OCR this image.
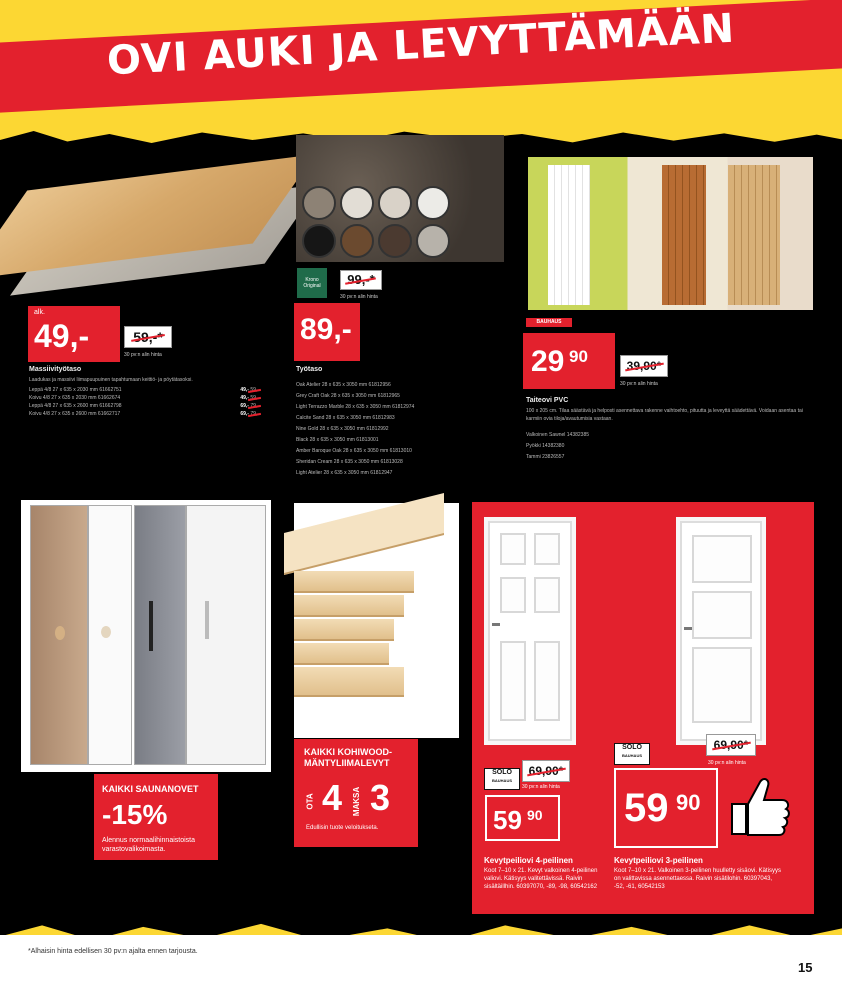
OVI AUKI JA LEVYTTÄMÄÄN
alk.
49,-	59,-*
30 pv:n alin hinta
Massiivityötaso
Laadukas ja massiivi liimapuupuinen tapahtumaan keittiö- ja pöytätasoksi.
Leppä 4/8 27 x 635 x 2030 mm 61662751	49,- 59,-
Koivu 4/8 27 x 635 x 2030 mm 61662674	49,- 59,-
Leppä 4/8 27 x 635 x 2600 mm 61662798	69,- 79,-
Koivu 4/8 27 x 635 x 2600 mm 61662717	69,- 79,-
Krono Original	99,-*
30 pv:n alin hinta
89,-
Työtaso
Oak Atelier 28 x 635 x 3050 mm 61812956
Grey Craft Oak 28 x 635 x 3050 mm 61812965
Light Terrazzo Marble 28 x 635 x 3050 mm 61812974
Calcite Sand 28 x 635 x 3050 mm 61812983
Nine Gold 28 x 635 x 3050 mm 61812992
Black 28 x 635 x 3050 mm 61813001
Amber Baroque Oak 28 x 635 x 3050 mm 61813010
Sheridan Cream 28 x 635 x 3050 mm 61813028
Light Atelier 28 x 635 x 3050 mm 61812947
BAUHAUS
29 90	39,90*
30 pv:n alin hinta
Taiteovi PVC
100 x 205 cm. Tilaa säästävä ja helposti asennettava rakenne vaihtoehto, pituutta ja leveyttä säädettävä. Voidaan asentaa tai karmiin ovia tiloja/avautumisia vastaan.
Valkoinen Sawnel 14382385
Pyökki 14382380
Tammi 23826557
KAIKKI SAUNANOVET
-15%
Alennus normaalihinnaistoista varastovalikoimasta.
KAIKKI KOHIWOOD-MÄNTYLIIMALEVYT
OTA 4 MAKSA 3
Edullisin tuote veloitukseta.
SOLO
BAUHAUS
69,90*
30 pv:n alin hinta
59 90
Kevytpeiliovi 4-peilinen
Koot 7–10 x 21. Kevyt valkoinen 4-peilinen valiovi. Kätisyys valitettävissä. Raivin sisältäillhin. 60397070, -89, -98, 60542162
SOLO
BAUHAUS
69,90*
30 pv:n alin hinta
59 90
Kevytpeiliovi 3-peilinen
Koot 7–10 x 21. Valkoinen 3-peilinen huulletty sisäovi. Kätisyys on valittavissa asennettaessa. Raivin sisätilohin. 60397043, -52, -61, 60542153
*Alhaisin hinta edellisen 30 pv:n ajalta ennen tarjousta.
15
